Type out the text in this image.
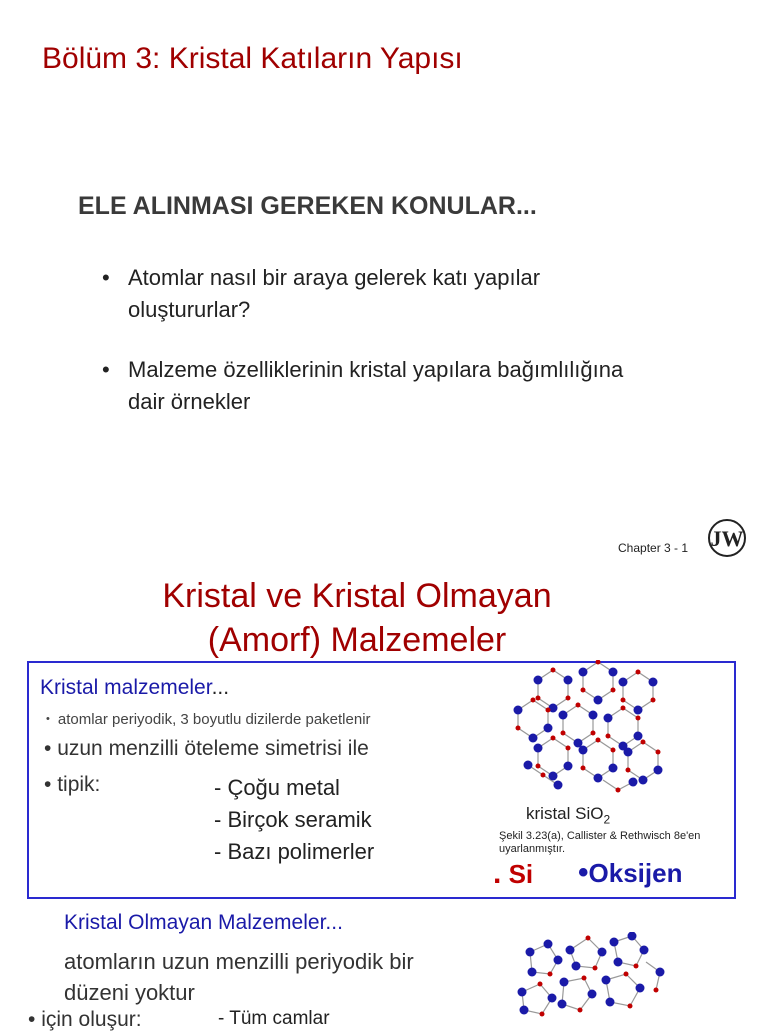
Bölüm 3: Kristal Katıların Yapısı
ELE ALINMASI GEREKEN KONULAR...
• Atomlar nasıl bir araya gelerek katı yapılar oluştururlar?
• Malzeme özelliklerinin kristal yapılara bağımlılığına dair örnekler
Chapter 3 - 1 JW
Kristal ve Kristal Olmayan
(Amorf) Malzemeler
Kristal malzemeler...
• atomlar periyodik, 3 boyutlu dizilerde paketlenir
• uzun menzilli öteleme simetrisi ile
• tipik:	- Çoğu metal
- Birçok seramik
- Bazı polimerler
kristal SiO$_2$
Şekil 3.23(a), Callister & Rethwisch 8e'en uyarlanmıştır.
. Si •Oksijen
Kristal Olmayan Malzemeler...
atomların uzun menzilli periyodik bir düzeni yoktur
• için oluşur:	- Tüm camlar
